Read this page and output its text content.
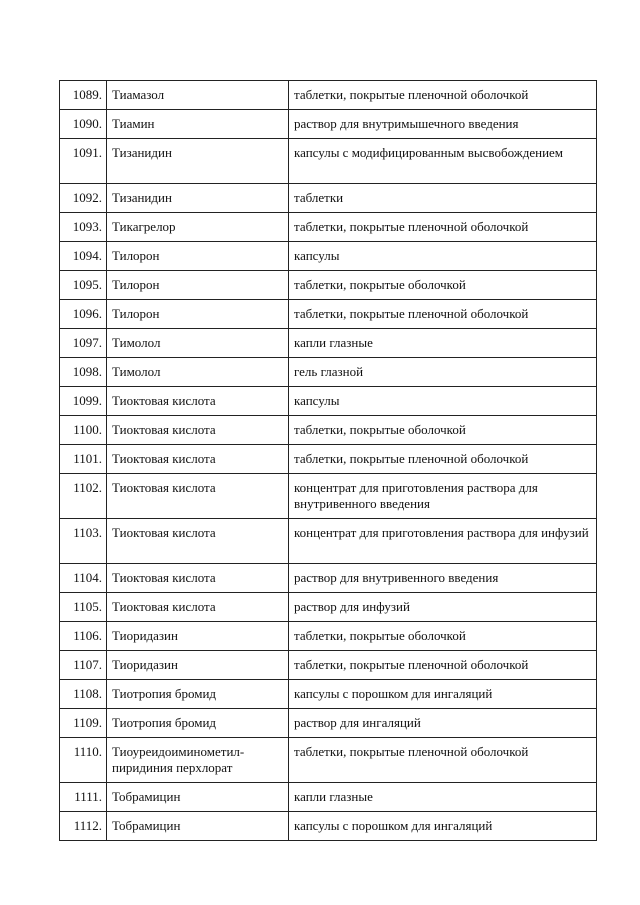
1089.	Тиамазол	таблетки, покрытые пленочной оболочкой
1090.	Тиамин	раствор для внутримышечного введения
1091.	Тизанидин	капсулы с модифицированным высвобождением
1092.	Тизанидин	таблетки
1093.	Тикагрелор	таблетки, покрытые пленочной оболочкой
1094.	Тилорон	капсулы
1095.	Тилорон	таблетки, покрытые оболочкой
1096.	Тилорон	таблетки, покрытые пленочной оболочкой
1097.	Тимолол	капли глазные
1098.	Тимолол	гель глазной
1099.	Тиоктовая кислота	капсулы
1100.	Тиоктовая кислота	таблетки, покрытые оболочкой
1101.	Тиоктовая кислота	таблетки, покрытые пленочной оболочкой
1102.	Тиоктовая кислота	концентрат для приготовления раствора для внутривенного введения
1103.	Тиоктовая кислота	концентрат для приготовления раствора для инфузий
1104.	Тиоктовая кислота	раствор для внутривенного введения
1105.	Тиоктовая кислота	раствор для инфузий
1106.	Тиоридазин	таблетки, покрытые оболочкой
1107.	Тиоридазин	таблетки, покрытые пленочной оболочкой
1108.	Тиотропия бромид	капсулы с порошком для ингаляций
1109.	Тиотропия бромид	раствор для ингаляций
1110.	Тиоуреидоиминометил-пиридиния перхлорат	таблетки, покрытые пленочной оболочкой
1111.	Тобрамицин	капли глазные
1112.	Тобрамицин	капсулы с порошком для ингаляций
